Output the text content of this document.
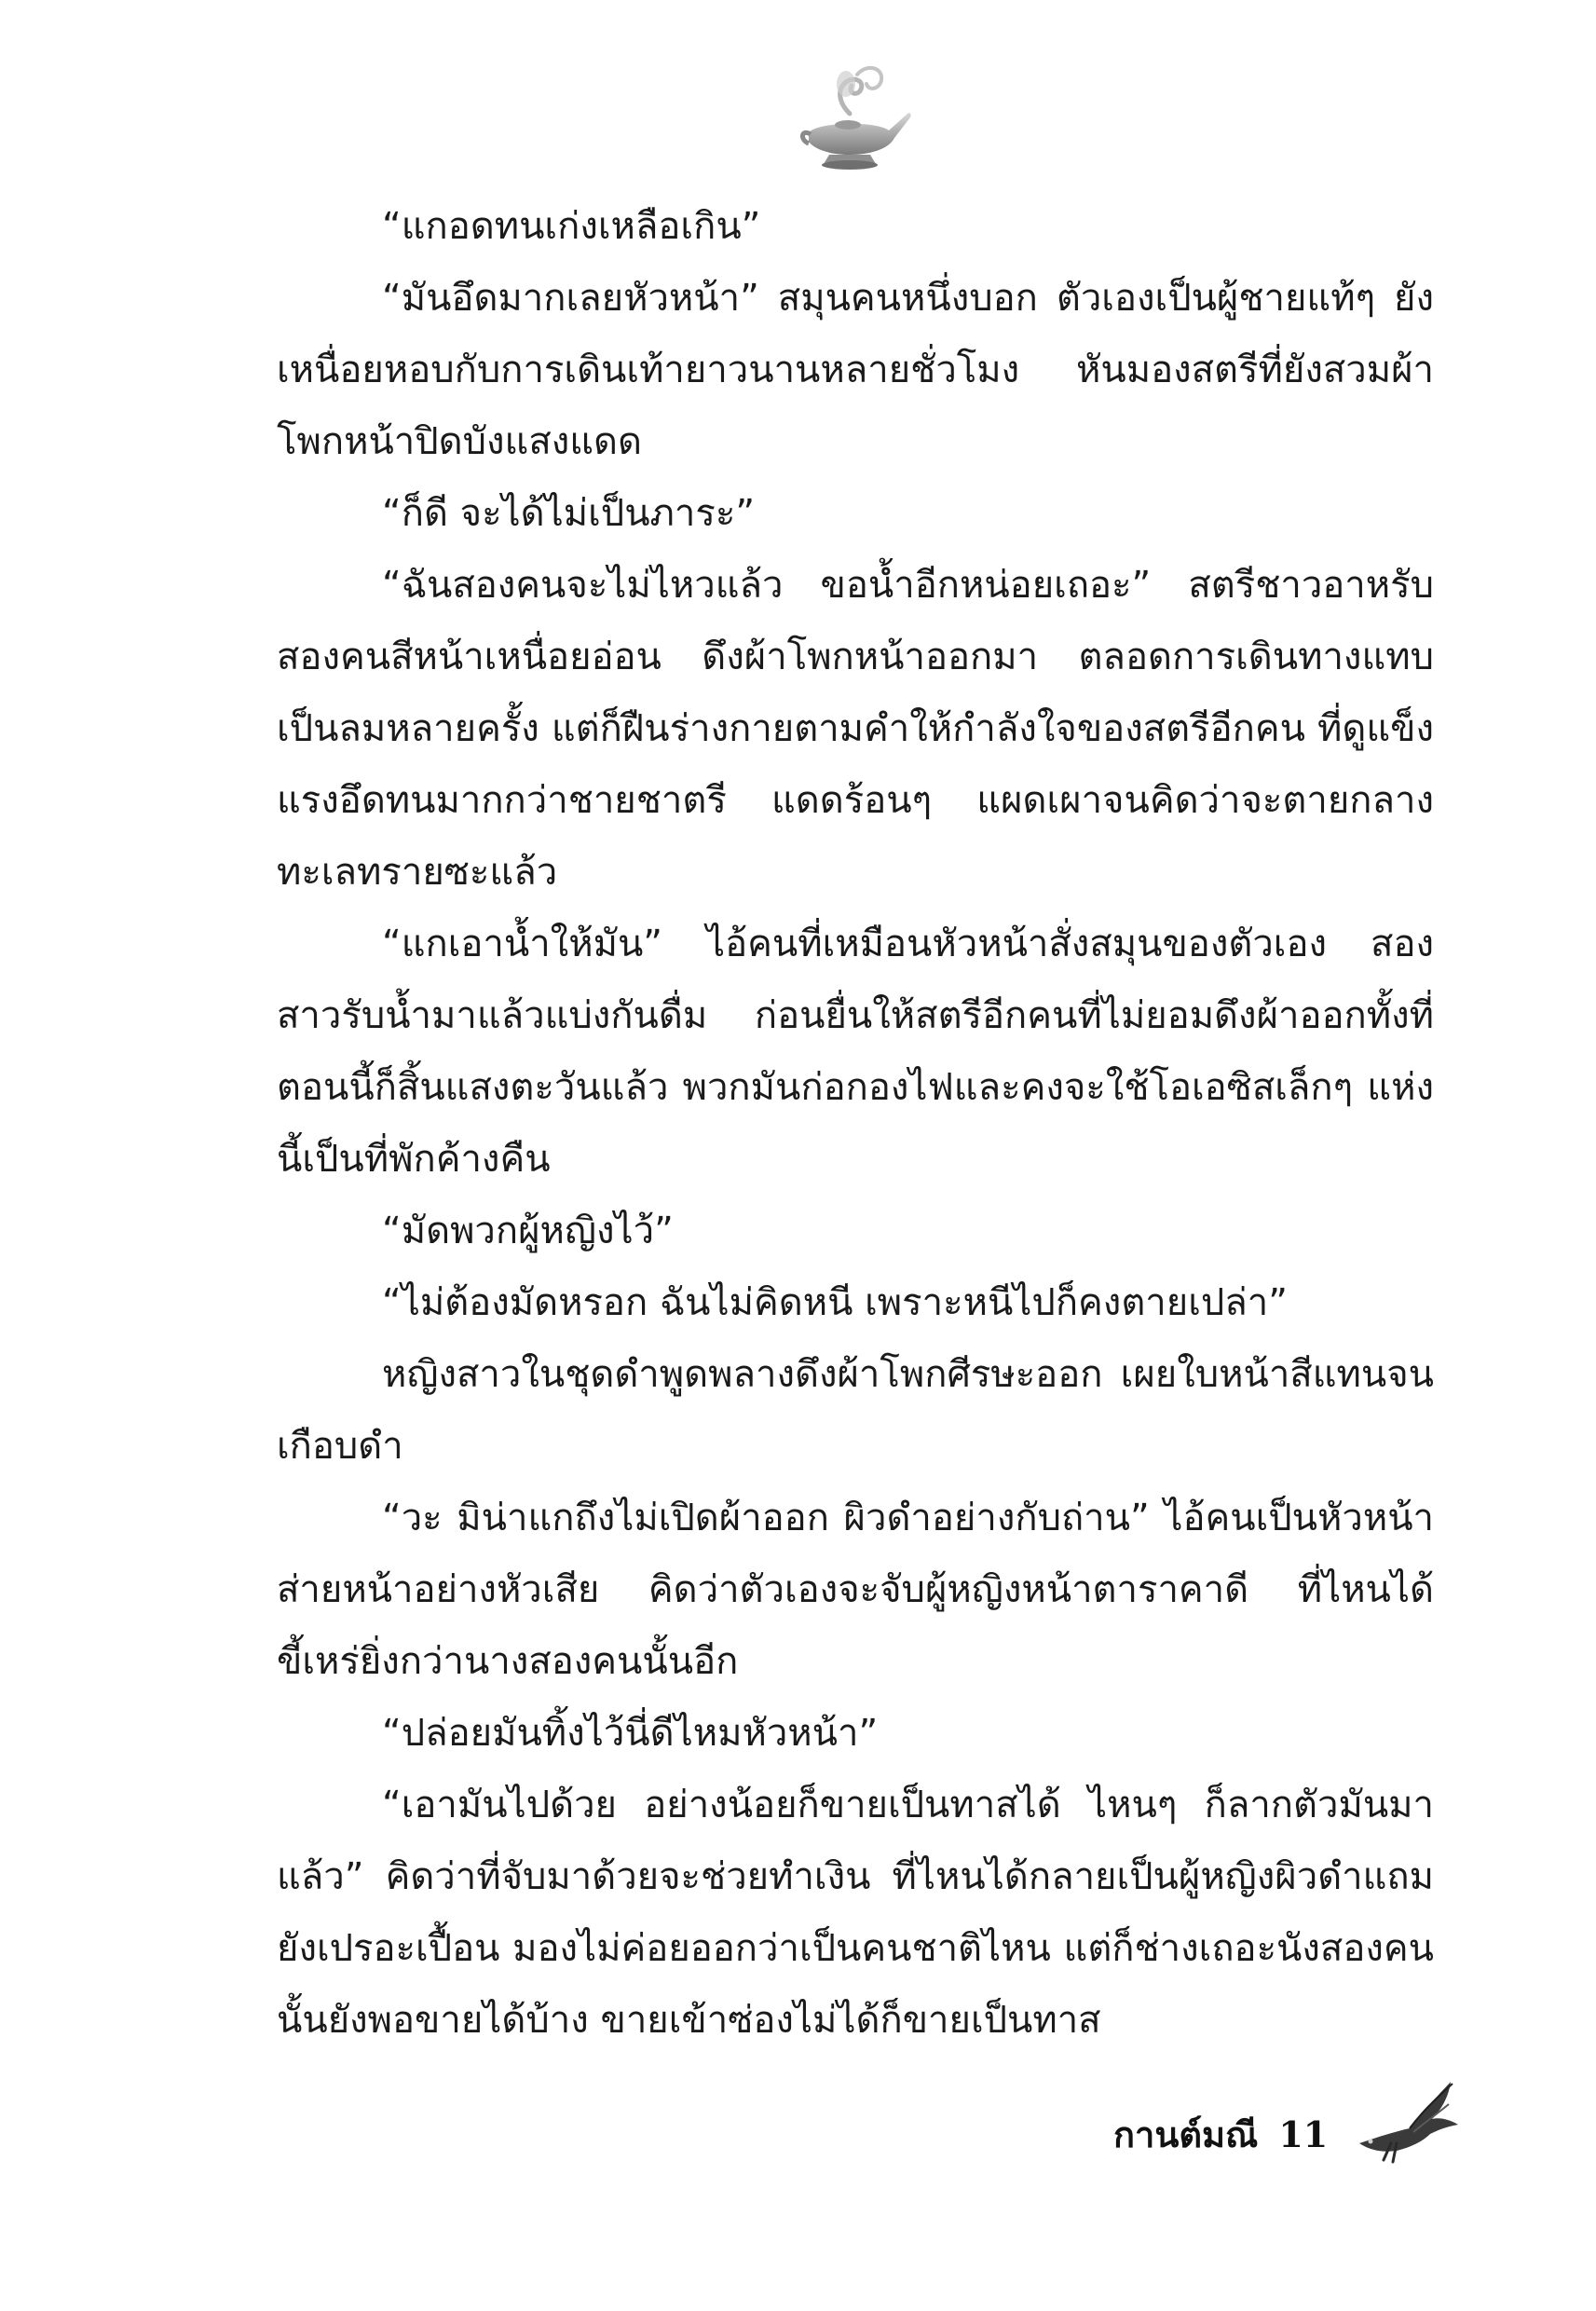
“แกอดทนเก่งเหลือเกิน”

“มันอึดมากเลยหัวหน้า” สมุนคนหนึ่งบอก ตัวเองเป็นผู้ชายแท้ๆ ยังเหนื่อยหอบกับการเดินเท้ายาวนานหลายชั่วโมง หันมองสตรีที่ยังสวมผ้าโพกหน้าปิดบังแสงแดด

“ก็ดี จะได้ไม่เป็นภาระ”

“ฉันสองคนจะไม่ไหวแล้ว ขอน้ำอีกหน่อยเถอะ” สตรีชาวอาหรับสองคนสีหน้าเหนื่อยอ่อน ดึงผ้าโพกหน้าออกมา ตลอดการเดินทางแทบเป็นลมหลายครั้ง แต่ก็ฝืนร่างกายตามคำให้กำลังใจของสตรีอีกคน ที่ดูแข็งแรงอึดทนมากกว่าชายชาตรี แดดร้อนๆ แผดเผาจนคิดว่าจะตายกลางทะเลทรายซะแล้ว

“แกเอาน้ำให้มัน” ไอ้คนที่เหมือนหัวหน้าสั่งสมุนของตัวเอง สองสาวรับน้ำมาแล้วแบ่งกันดื่ม ก่อนยื่นให้สตรีอีกคนที่ไม่ยอมดึงผ้าออกทั้งที่ตอนนี้ก็สิ้นแสงตะวันแล้ว พวกมันก่อกองไฟและคงจะใช้โอเอซิสเล็กๆ แห่งนี้เป็นที่พักค้างคืน

“มัดพวกผู้หญิงไว้”

“ไม่ต้องมัดหรอก ฉันไม่คิดหนี เพราะหนีไปก็คงตายเปล่า”

หญิงสาวในชุดดำพูดพลางดึงผ้าโพกศีรษะออก เผยใบหน้าสีแทนจนเกือบดำ

“วะ มิน่าแกถึงไม่เปิดผ้าออก ผิวดำอย่างกับถ่าน” ไอ้คนเป็นหัวหน้าส่ายหน้าอย่างหัวเสีย คิดว่าตัวเองจะจับผู้หญิงหน้าตาราคาดี ที่ไหนได้ขี้เหร่ยิ่งกว่านางสองคนนั้นอีก

“ปล่อยมันทิ้งไว้นี่ดีไหมหัวหน้า”

“เอามันไปด้วย อย่างน้อยก็ขายเป็นทาสได้ ไหนๆ ก็ลากตัวมันมาแล้ว” คิดว่าที่จับมาด้วยจะช่วยทำเงิน ที่ไหนได้กลายเป็นผู้หญิงผิวดำแถมยังเปรอะเปื้อน มองไม่ค่อยออกว่าเป็นคนชาติไหน แต่ก็ช่างเถอะนังสองคนนั้นยังพอขายได้บ้าง ขายเข้าซ่องไม่ได้ก็ขายเป็นทาส

กานต์มณี 11
